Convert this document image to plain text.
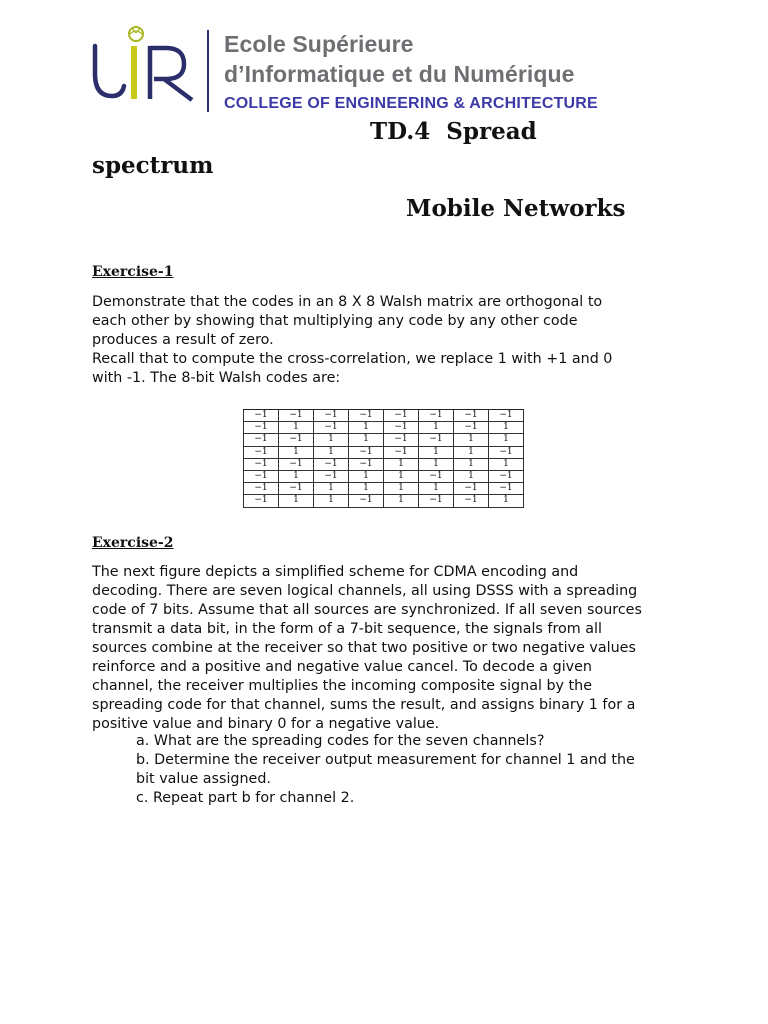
Ecole Supérieure
d’Informatique et du Numérique
COLLEGE OF ENGINEERING & ARCHITECTURE
TD.4  Spread
spectrum
Mobile Networks
Exercise-1
Demonstrate that the codes in an 8 X 8 Walsh matrix are orthogonal to
each other by showing that multiplying any code by any other code
produces a result of zero.
Recall that to compute the cross-correlation, we replace 1 with +1 and 0
with -1. The 8-bit Walsh codes are:
−1	−1	−1	−1	−1	−1	−1	−1
−1	1	−1	1	−1	1	−1	1
−1	−1	1	1	−1	−1	1	1
−1	1	1	−1	−1	1	1	−1
−1	−1	−1	−1	1	1	1	1
−1	1	−1	1	1	−1	1	−1
−1	−1	1	1	1	1	−1	−1
−1	1	1	−1	1	−1	−1	1
Exercise-2
The next figure depicts a simplified scheme for CDMA encoding and
decoding. There are seven logical channels, all using DSSS with a spreading
code of 7 bits. Assume that all sources are synchronized. If all seven sources
transmit a data bit, in the form of a 7-bit sequence, the signals from all
sources combine at the receiver so that two positive or two negative values
reinforce and a positive and negative value cancel. To decode a given
channel, the receiver multiplies the incoming composite signal by the
spreading code for that channel, sums the result, and assigns binary 1 for a
positive value and binary 0 for a negative value.
a. What are the spreading codes for the seven channels?
b. Determine the receiver output measurement for channel 1 and the
bit value assigned.
c. Repeat part b for channel 2.
